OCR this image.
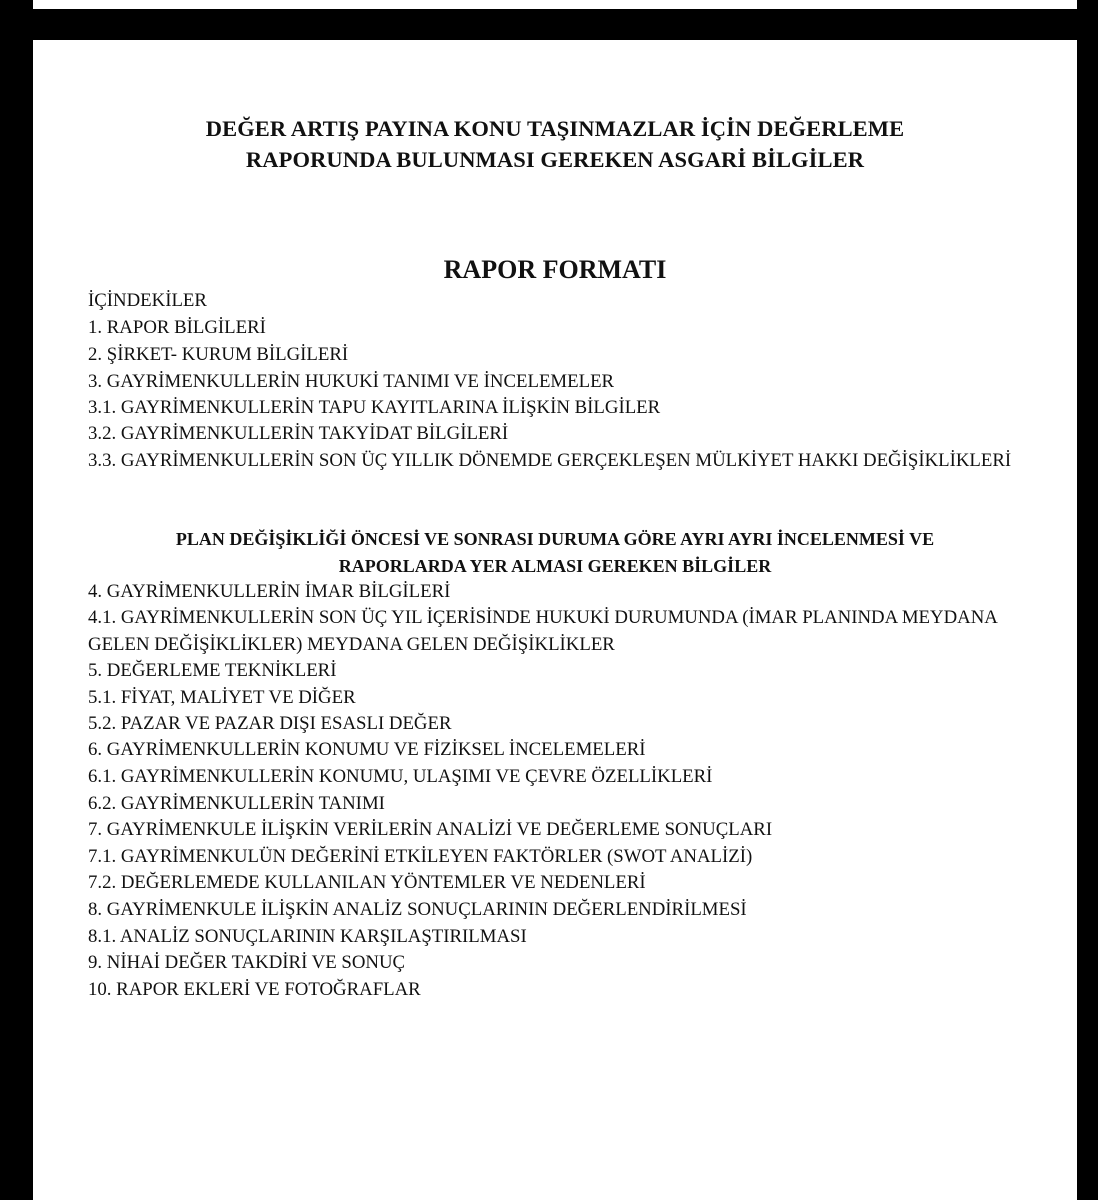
DEĞER ARTIŞ PAYINA KONU TAŞINMAZLAR İÇİN DEĞERLEME
RAPORUNDA BULUNMASI GEREKEN ASGARİ BİLGİLER
RAPOR FORMATI
İÇİNDEKİLER
1. RAPOR BİLGİLERİ
2. ŞİRKET- KURUM BİLGİLERİ
3. GAYRİMENKULLERİN HUKUKİ TANIMI VE İNCELEMELER
3.1. GAYRİMENKULLERİN TAPU KAYITLARINA İLİŞKİN BİLGİLER
3.2. GAYRİMENKULLERİN TAKYİDAT BİLGİLERİ
3.3. GAYRİMENKULLERİN SON ÜÇ YILLIK DÖNEMDE GERÇEKLEŞEN MÜLKİYET HAKKI DEĞİŞİKLİKLERİ
PLAN DEĞİŞİKLİĞİ ÖNCESİ VE SONRASI DURUMA GÖRE AYRI AYRI İNCELENMESİ VE
RAPORLARDA YER ALMASI GEREKEN BİLGİLER
4. GAYRİMENKULLERİN İMAR BİLGİLERİ
4.1. GAYRİMENKULLERİN SON ÜÇ YIL İÇERİSİNDE HUKUKİ DURUMUNDA (İMAR PLANINDA MEYDANA GELEN DEĞİŞİKLİKLER) MEYDANA GELEN DEĞİŞİKLİKLER
5. DEĞERLEME TEKNİKLERİ
5.1. FİYAT, MALİYET VE DİĞER
5.2. PAZAR VE PAZAR DIŞI ESASLI DEĞER
6. GAYRİMENKULLERİN KONUMU VE FİZİKSEL İNCELEMELERİ
6.1. GAYRİMENKULLERİN KONUMU, ULAŞIMI VE ÇEVRE ÖZELLİKLERİ
6.2. GAYRİMENKULLERİN TANIMI
7. GAYRİMENKULE İLİŞKİN VERİLERİN ANALİZİ VE DEĞERLEME SONUÇLARI
7.1. GAYRİMENKULÜN DEĞERİNİ ETKİLEYEN FAKTÖRLER (SWOT ANALİZİ)
7.2. DEĞERLEMEDE KULLANILAN YÖNTEMLER VE NEDENLERİ
8. GAYRİMENKULE İLİŞKİN ANALİZ SONUÇLARININ DEĞERLENDİRİLMESİ
8.1. ANALİZ SONUÇLARININ KARŞILAŞTIRILMASI
9. NİHAİ DEĞER TAKDİRİ VE SONUÇ
10. RAPOR EKLERİ VE FOTOĞRAFLAR
